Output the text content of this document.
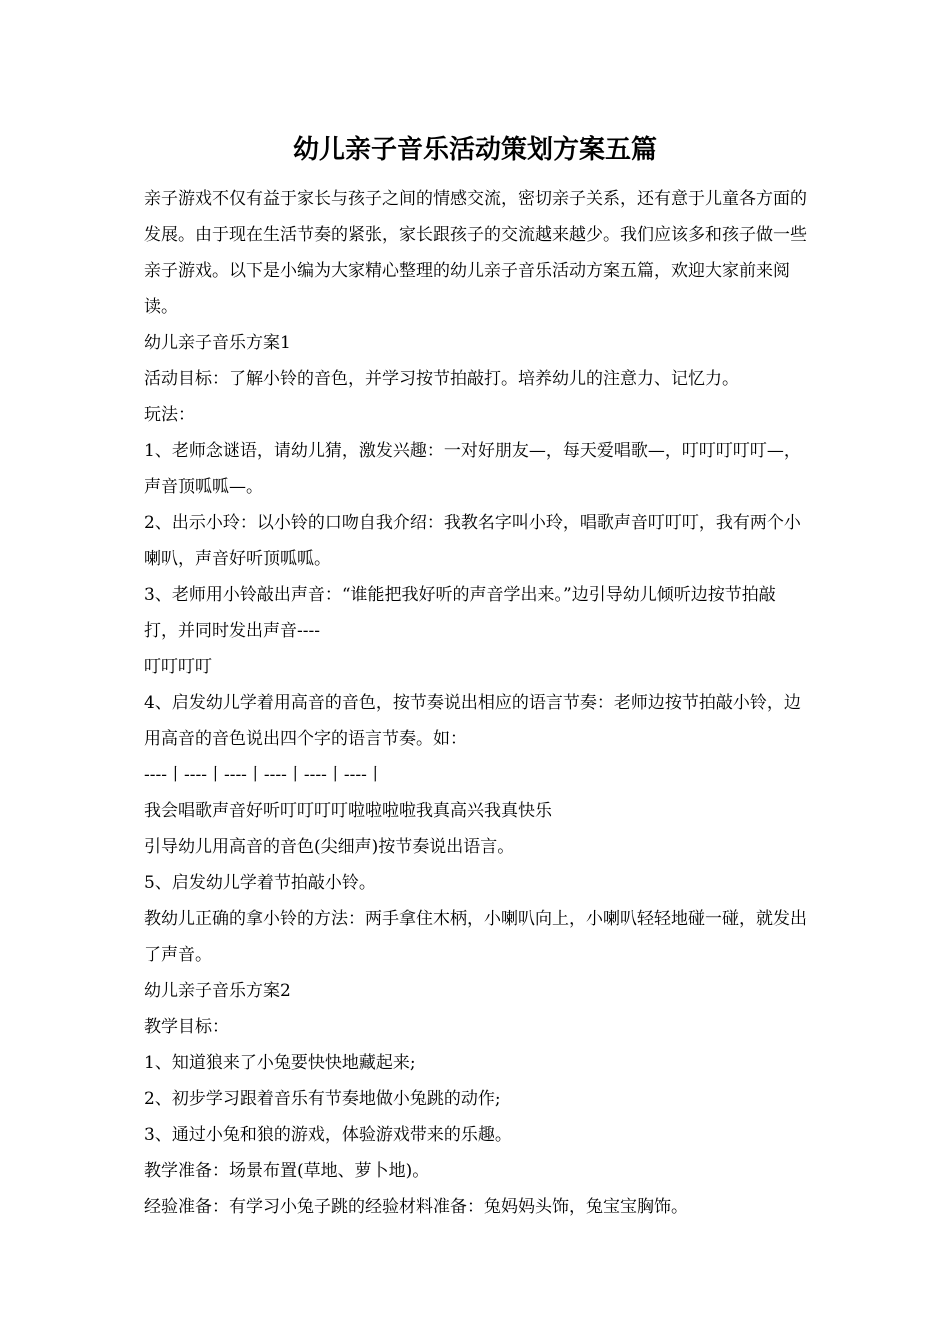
幼儿亲子音乐活动策划方案五篇

亲子游戏不仅有益于家长与孩子之间的情感交流，密切亲子关系，还有意于儿童各方面的发展。由于现在生活节奏的紧张，家长跟孩子的交流越来越少。我们应该多和孩子做一些亲子游戏。以下是小编为大家精心整理的幼儿亲子音乐活动方案五篇，欢迎大家前来阅读。

幼儿亲子音乐方案1

活动目标：了解小铃的音色，并学习按节拍敲打。培养幼儿的注意力、记忆力。

玩法：

1、老师念谜语，请幼儿猜，激发兴趣：一对好朋友—，每天爱唱歌—，叮叮叮叮叮—，声音顶呱呱—。

2、出示小玲：以小铃的口吻自我介绍：我教名字叫小玲，唱歌声音叮叮叮，我有两个小喇叭，声音好听顶呱呱。

3、老师用小铃敲出声音：“谁能把我好听的声音学出来。”边引导幼儿倾听边按节拍敲打，并同时发出声音----

叮叮叮叮

4、启发幼儿学着用高音的音色，按节奏说出相应的语言节奏：老师边按节拍敲小铃，边用高音的音色说出四个字的语言节奏。如：

----丨----丨----丨----丨----丨----丨

我会唱歌声音好听叮叮叮叮啦啦啦啦我真高兴我真快乐

引导幼儿用高音的音色(尖细声)按节奏说出语言。

5、启发幼儿学着节拍敲小铃。

教幼儿正确的拿小铃的方法：两手拿住木柄，小喇叭向上，小喇叭轻轻地碰一碰，就发出了声音。

幼儿亲子音乐方案2

教学目标：

1、知道狼来了小兔要快快地藏起来;

2、初步学习跟着音乐有节奏地做小兔跳的动作;

3、通过小兔和狼的游戏，体验游戏带来的乐趣。

教学准备：场景布置(草地、萝卜地)。

经验准备：有学习小兔子跳的经验材料准备：兔妈妈头饰，兔宝宝胸饰。
